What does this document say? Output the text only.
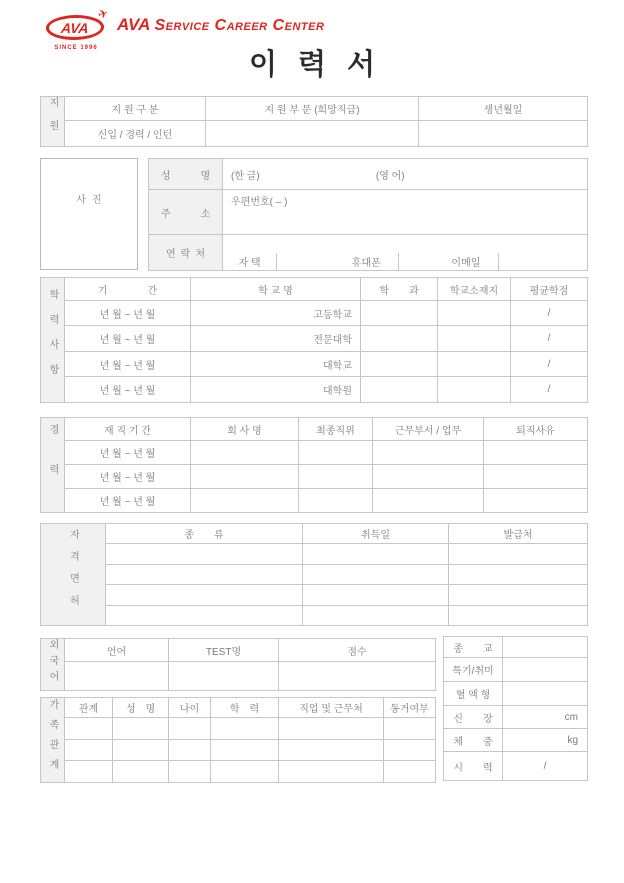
✈
AVA
SINCE 1996
AVA Service Career Center
이력서
지원	지 원 구 분	지 원 부 문 (희망직급)	생년월일
	신입 / 경력 / 인턴		
사진
성　　　명	(한 글) (영 어)

주　　　소	우편번호( – )
연 락 처	자 택 휴대폰 이메일
학력사항	기　　　　간	학 교 명	학　　과	학교소재지	평균학점
	년 월 ~ 년 월	고등학교			/
	년 월 ~ 년 월	전문대학			/
	년 월 ~ 년 월	대학교			/
	년 월 ~ 년 월	대학원			/
경력	재 직 기 간	회 사 명	최종직위	근무부서 / 업무	퇴직사유
	년 월 ~ 년 월				
	년 월 ~ 년 월				
	년 월 ~ 년 월				
자격면허	종　　류	취득일	발급처

외국어	언어	TEST명	점수

가족관계	관계	성　명	나이	학　력	직업 및 근무처	동거여부

종　　교	
특기/취미	
혈 액 형	
신　　장	cm
체　　중	kg
시　　력	/
